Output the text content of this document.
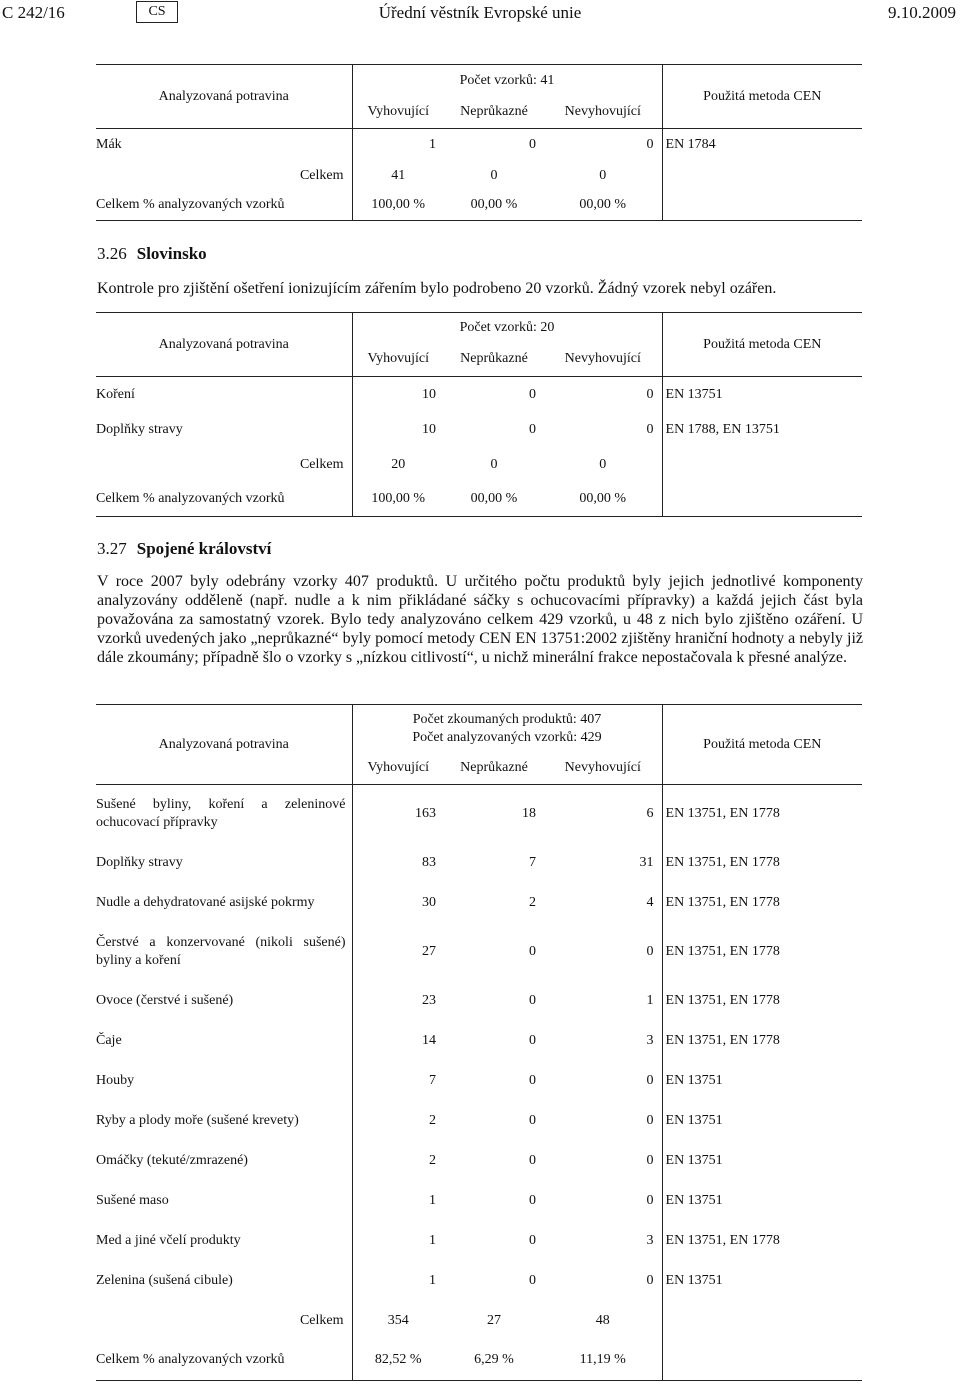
C 242/16	CS	Úřední věstník Evropské unie	9.10.2009
Analyzovaná potravina	Počet vzorků: 41			Použitá metoda CEN
	Vyhovující	Neprůkazné	Nevyhovující	
Mák	1	0	0	EN 1784
Celkem	41	0	0	
Celkem % analyzovaných vzorků	100,00 %	00,00 %	00,00 %	
3.26 Slovinsko
Kontrole pro zjištění ošetření ionizujícím zářením bylo podrobeno 20 vzorků. Žádný vzorek nebyl ozářen.
Analyzovaná potravina	Počet vzorků: 20			Použitá metoda CEN
	Vyhovující	Neprůkazné	Nevyhovující	
Koření	10	0	0	EN 13751
Doplňky stravy	10	0	0	EN 1788, EN 13751
Celkem	20	0	0	
Celkem % analyzovaných vzorků	100,00 %	00,00 %	00,00 %	
3.27 Spojené království
V roce 2007 byly odebrány vzorky 407 produktů. U určitého počtu produktů byly jejich jednotlivé komponenty analyzovány odděleně (např. nudle a k nim přikládané sáčky s ochucovacími přípravky) a každá jejich část byla považována za samostatný vzorek. Bylo tedy analyzováno celkem 429 vzorků, u 48 z nich bylo zjištěno ozáření. U vzorků uvedených jako „neprůkazné“ byly pomocí metody CEN EN 13751:2002 zjištěny hraniční hodnoty a nebyly již dále zkoumány; případně šlo o vzorky s „nízkou citlivostí“, u nichž minerální frakce nepostačovala k přesné analýze.
Analyzovaná potravina	Počet zkoumaných produktů: 407
Počet analyzovaných vzorků: 429			Použitá metoda CEN
	Vyhovující	Neprůkazné	Nevyhovující	
Sušené byliny, koření a zeleninové ochucovací přípravky	163	18	6	EN 13751, EN 1778
Doplňky stravy	83	7	31	EN 13751, EN 1778
Nudle a dehydratované asijské pokrmy	30	2	4	EN 13751, EN 1778
Čerstvé a konzervované (nikoli sušené) byliny a koření	27	0	0	EN 13751, EN 1778
Ovoce (čerstvé i sušené)	23	0	1	EN 13751, EN 1778
Čaje	14	0	3	EN 13751, EN 1778
Houby	7	0	0	EN 13751
Ryby a plody moře (sušené krevety)	2	0	0	EN 13751
Omáčky (tekuté/zmrazené)	2	0	0	EN 13751
Sušené maso	1	0	0	EN 13751
Med a jiné včelí produkty	1	0	3	EN 13751, EN 1778
Zelenina (sušená cibule)	1	0	0	EN 13751
Celkem	354	27	48	
Celkem % analyzovaných vzorků	82,52 %	6,29 %	11,19 %	
